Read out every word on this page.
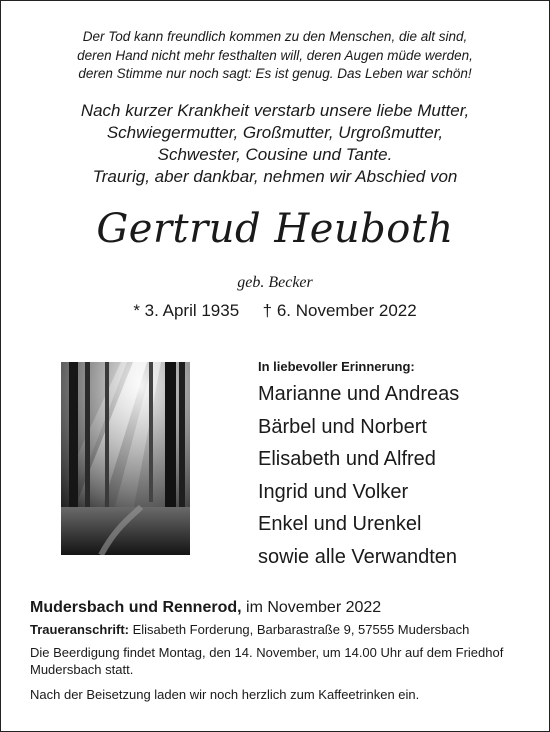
Der Tod kann freundlich kommen zu den Menschen, die alt sind,
deren Hand nicht mehr festhalten will, deren Augen müde werden,
deren Stimme nur noch sagt: Es ist genug. Das Leben war schön!
Nach kurzer Krankheit verstarb unsere liebe Mutter,
Schwiegermutter, Großmutter, Urgroßmutter,
Schwester, Cousine und Tante.
Traurig, aber dankbar, nehmen wir Abschied von
Gertrud Heuboth
geb. Becker
* 3. April 1935 † 6. November 2022
In liebevoller Erinnerung:
Marianne und Andreas
Bärbel und Norbert
Elisabeth und Alfred
Ingrid und Volker
Enkel und Urenkel
sowie alle Verwandten
Mudersbach und Rennerod, im November 2022
Traueranschrift: Elisabeth Forderung, Barbarastraße 9, 57555 Mudersbach
Die Beerdigung findet Montag, den 14. November, um 14.00 Uhr auf dem Friedhof Mudersbach statt.
Nach der Beisetzung laden wir noch herzlich zum Kaffeetrinken ein.
